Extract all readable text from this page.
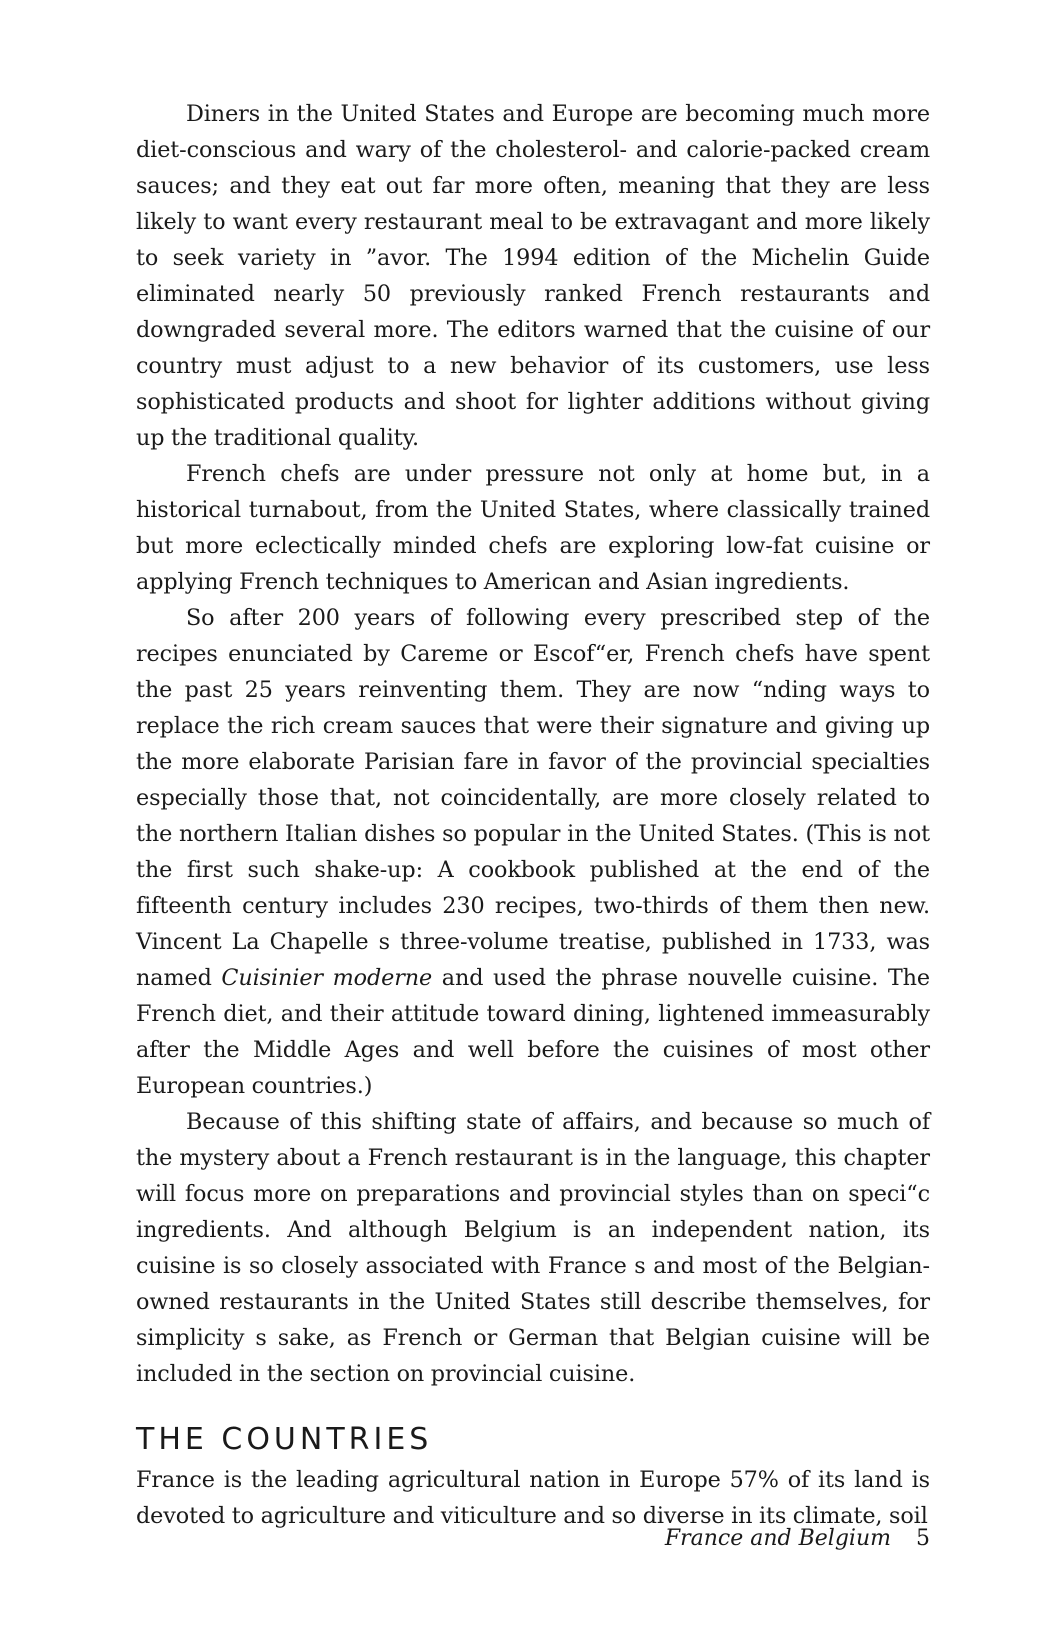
Diners in the United States and Europe are becoming much more diet-conscious and wary of the cholesterol- and calorie-packed cream sauces; and they eat out far more often, meaning that they are less likely to want every restaurant meal to be extravagant and more likely to seek variety in ”avor. The 1994 edition of the Michelin Guide eliminated nearly 50 previously ranked French restaurants and downgraded several more. The editors warned that the cuisine of our country must adjust to a new behavior of its customers, use less sophisticated products and shoot for lighter additions without giving up the traditional quality.

French chefs are under pressure not only at home but, in a historical turnabout, from the United States, where classically trained but more eclectically minded chefs are exploring low-fat cuisine or applying French techniques to American and Asian ingredients.

So after 200 years of following every prescribed step of the recipes enunciated by Careme or Escof“er, French chefs have spent the past 25 years reinventing them. They are now “nding ways to replace the rich cream sauces that were their signature and giving up the more elaborate Parisian fare in favor of the provincial specialties especially those that, not coincidentally, are more closely related to the northern Italian dishes so popular in the United States. (This is not the first such shake-up: A cookbook published at the end of the fifteenth century includes 230 recipes, two-thirds of them then new. Vincent La Chapelle s three-volume treatise, published in 1733, was named Cuisinier moderne and used the phrase nouvelle cuisine. The French diet, and their attitude toward dining, lightened immeasurably after the Middle Ages and well before the cuisines of most other European countries.)

Because of this shifting state of affairs, and because so much of the mystery about a French restaurant is in the language, this chapter will focus more on preparations and provincial styles than on speci“c ingredients. And although Belgium is an independent nation, its cuisine is so closely associated with France s and most of the Belgian-owned restaurants in the United States still describe themselves, for simplicity s sake, as French or German that Belgian cuisine will be included in the section on provincial cuisine.

THE COUNTRIES

France is the leading agricultural nation in Europe 57% of its land is devoted to agriculture and viticulture and so diverse in its climate, soil

France and Belgium 5
